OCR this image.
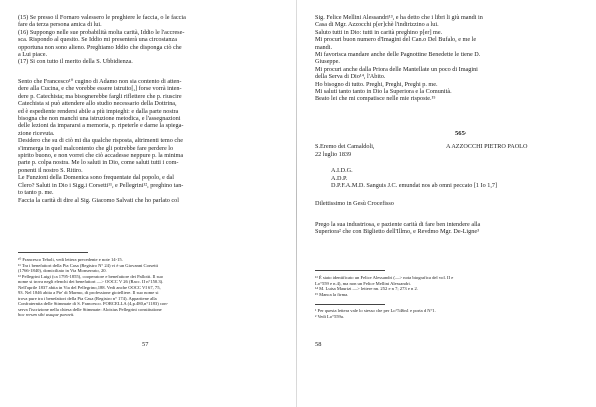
(15) Se presso il Fornaro valessero le preghiere le faccia, o le faccia

fare da terza persona amica di lui.

(16) Suppongo nelle sue probabilità molta carità, Iddio le l'accrese-

sca. Rispondo al quesito. Se Iddio mi presenterà una circostanza

opportuna non sono alieno. Preghiamo Iddio che disponga ciò che

a Lui piace.

(17) Si con tutto il merito della S. Ubbidienza.

Sento che Francesco¹⁰ cugino di Adamo non sia contento di atten-

dere alla Cucina, e che vorebbe essere istruito[,] forse vorrà inten-

dere p. Catechista; ma bisognerebbe fargli riflettere che p. riuscire

Catechista si può attendere allo studio necessario della Dottrina,

ed è espediente rendersi abile a più impieghi: e dalla parte nostra

bisogna che non manchi una istruzione metodica, e l'assegnazioni

delle lezioni da impararsi a memoria, p. ripeterle e darne la spiega-

zione ricevuta.

Desidero che su di ciò mi dia qualche risposta, altrimenti temo che

s'immerga in quel malcontento che gli potrebbe fare perdere lo

spirito buono, e non vorrei che ciò accadesse neppure p. la minima

parte p. colpa nostra. Me lo saluti in Dio, come saluti tutti i com-

ponenti il nostro S. Ritiro.

Le Funzioni della Domenica sono frequentate dal popolo, e dal

Clero? Saluti in Dio i Sigg.i Corsetti¹¹, e Pellegrini¹², preghino tan-

to tanto p. me.

Faccia la carità di dire al Sig. Giacomo Salvati che ho parlato col

¹⁰ Francesco Teboli, vedi lettera precedente e note 14-15.

¹¹ Tra i benefattori della Pia Casa (Registro N° 24) vi è un Giovanni Corsetti

(1766-1840), domiciliato in Via Monserrato, 20.

¹² Pellegrini Luigi (ca 1795-1855), cooperatore e benefattore dei Pallotti. Il suo

nome si trova negli elenchi dei benefattori —> OOCC V 26 (Racc. II n°150.3).

Nell'aprile 1837 abita in Via del Pellegrino,188. Vedi anche OOCC VI 67, 75,

93. Nel 1846 abita a Pie' di Marmo, di professione gioielliere. Il suo nome si

trova pure tra i benefattori della Pia Casa (Registro n° 174). Appartiene alla

Confraternita delle Stimmate di S. Francesco. FORCELLA (4,p.480,n°1183) con-

serva l'iscrizione nella chiesa delle Stimmate: Aloisius Pellegrini constitutione

hoc rerum sibi usuque paravit.

57

Sig. Felice Mellini Alessandri¹³, e ha detto che i libri li giù mandi in

Casa di Mgr. Azzocchi p[er]chè l'indirizzino a lui.

Saluto tutti in Dio: tutti in carità preghino p[er] me.

Mi procuri buon numero d'Imagini del Can.o Del Bufalo, e me le

mandi.

Mi favorisca mandare anche delle Pagnottine Benedette le tiene D.

Giuseppe.

Mi procuri anche dalla Priora delle Mantellate un poco di Imagini

della Serva di Dio¹⁴, l'Abito.

Ho bisogno di tutto. Preghi, Preghi, Preghi p. me.

Mi saluti tanto tanto in Dio la Superiora e la Comunità.

Beato lei che mi compatisce nelle mie risposte.¹⁵

565¹
S.Eremo dei Camaldoli,
22 luglio 1839
A AZZOCCHI PIETRO PAOLO
A.I.D.G.
A.D.P.
D.P.F.A.M.D. Sanguis J.C. emundat nos ab omni peccato [1 Io 1,7]
Dilettissimo in Gesù Crocefisso

Prego la sua industriosa, e paziente carità di fare ben intendere alla

Superiora² che con Biglietto dell'Illmo, e Revdmo Mgr. De-Ligne³

¹³ È stato identificato un Felice Alessandri (—> nota biografica del vol. II e

Lo°559 e n.4), ma non un Felice Mellini Alessandri.

¹⁴ M. Luisa Maurizi —> lettere nn. 252 e n 7; 273 e n 2.

¹⁵ Manca la firma.

¹ Per questa lettera vale lo stesso che per Lo°546n1 e porta d N°1.

² Vedi Lo°559a.

58
